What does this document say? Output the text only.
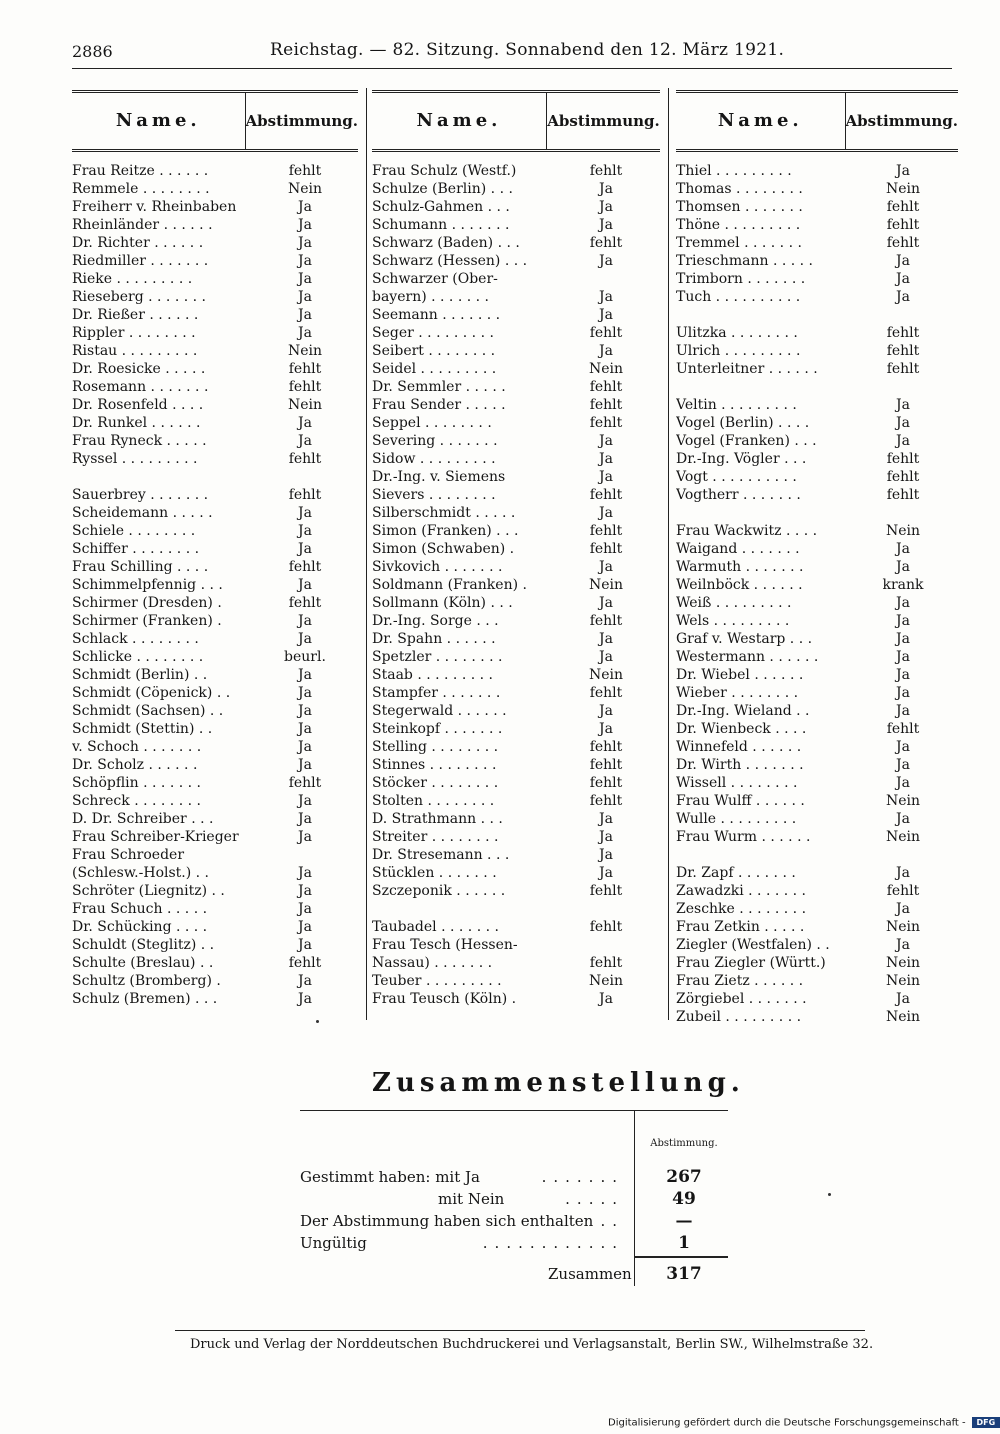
2886	Reichstag. — 82. Sitzung. Sonnabend den 12. März 1921.
Name.	Abstimmung.
Frau Reitze . . . . . .	fehlt
Remmele . . . . . . . .	Nein
Freiherr v. Rheinbaben	Ja
Rheinländer . . . . . .	Ja
Dr. Richter . . . . . .	Ja
Riedmiller . . . . . . .	Ja
Rieke . . . . . . . . .	Ja
Rieseberg . . . . . . .	Ja
Dr. Rießer . . . . . .	Ja
Rippler . . . . . . . .	Ja
Ristau . . . . . . . . .	Nein
Dr. Roesicke . . . . .	fehlt
Rosemann . . . . . . .	fehlt
Dr. Rosenfeld . . . .	Nein
Dr. Runkel . . . . . .	Ja
Frau Ryneck . . . . .	Ja
Ryssel . . . . . . . . .	fehlt
Sauerbrey . . . . . . .	fehlt
Scheidemann . . . . .	Ja
Schiele . . . . . . . .	Ja
Schiffer . . . . . . . .	Ja
Frau Schilling . . . .	fehlt
Schimmelpfennig . . .	Ja
Schirmer (Dresden) .	fehlt
Schirmer (Franken) .	Ja
Schlack . . . . . . . .	Ja
Schlicke . . . . . . . .	beurl.
Schmidt (Berlin) . .	Ja
Schmidt (Cöpenick) . .	Ja
Schmidt (Sachsen) . .	Ja
Schmidt (Stettin) . .	Ja
v. Schoch . . . . . . .	Ja
Dr. Scholz . . . . . .	Ja
Schöpflin . . . . . . .	fehlt
Schreck . . . . . . . .	Ja
D. Dr. Schreiber . . .	Ja
Frau Schreiber-Krieger	Ja
Frau Schroeder
(Schlesw.-Holst.) . .	Ja
Schröter (Liegnitz) . .	Ja
Frau Schuch . . . . .	Ja
Dr. Schücking . . . .	Ja
Schuldt (Steglitz) . .	Ja
Schulte (Breslau) . .	fehlt
Schultz (Bromberg) .	Ja
Schulz (Bremen) . . .	Ja
Name.	Abstimmung.
Frau Schulz (Westf.)	fehlt
Schulze (Berlin) . . .	Ja
Schulz-Gahmen . . .	Ja
Schumann . . . . . . .	Ja
Schwarz (Baden) . . .	fehlt
Schwarz (Hessen) . . .	Ja
Schwarzer (Ober-
bayern) . . . . . . .	Ja
Seemann . . . . . . .	Ja
Seger . . . . . . . . .	fehlt
Seibert . . . . . . . .	Ja
Seidel . . . . . . . . .	Nein
Dr. Semmler . . . . .	fehlt
Frau Sender . . . . .	fehlt
Seppel . . . . . . . .	fehlt
Severing . . . . . . .	Ja
Sidow . . . . . . . . .	Ja
Dr.-Ing. v. Siemens	Ja
Sievers . . . . . . . .	fehlt
Silberschmidt . . . . .	Ja
Simon (Franken) . . .	fehlt
Simon (Schwaben) .	fehlt
Sivkovich . . . . . . .	Ja
Soldmann (Franken) .	Nein
Sollmann (Köln) . . .	Ja
Dr.-Ing. Sorge . . .	fehlt
Dr. Spahn . . . . . .	Ja
Spetzler . . . . . . . .	Ja
Staab . . . . . . . . .	Nein
Stampfer . . . . . . .	fehlt
Stegerwald . . . . . .	Ja
Steinkopf . . . . . . .	Ja
Stelling . . . . . . . .	fehlt
Stinnes . . . . . . . .	fehlt
Stöcker . . . . . . . .	fehlt
Stolten . . . . . . . .	fehlt
D. Strathmann . . .	Ja
Streiter . . . . . . . .	Ja
Dr. Stresemann . . .	Ja
Stücklen . . . . . . .	Ja
Szczeponik . . . . . .	fehlt
Taubadel . . . . . . .	fehlt
Frau Tesch (Hessen-
Nassau) . . . . . . .	fehlt
Teuber . . . . . . . . .	Nein
Frau Teusch (Köln) .	Ja
Name.	Abstimmung.
Thiel . . . . . . . . .	Ja
Thomas . . . . . . . .	Nein
Thomsen . . . . . . .	fehlt
Thöne . . . . . . . . .	fehlt
Tremmel . . . . . . .	fehlt
Trieschmann . . . . .	Ja
Trimborn . . . . . . .	Ja
Tuch . . . . . . . . . .	Ja
Ulitzka . . . . . . . .	fehlt
Ulrich . . . . . . . . .	fehlt
Unterleitner . . . . . .	fehlt
Veltin . . . . . . . . .	Ja
Vogel (Berlin) . . . .	Ja
Vogel (Franken) . . .	Ja
Dr.-Ing. Vögler . . .	fehlt
Vogt . . . . . . . . . .	fehlt
Vogtherr . . . . . . .	fehlt
Frau Wackwitz . . . .	Nein
Waigand . . . . . . .	Ja
Warmuth . . . . . . .	Ja
Weilnböck . . . . . .	krank
Weiß . . . . . . . . .	Ja
Wels . . . . . . . . .	Ja
Graf v. Westarp . . .	Ja
Westermann . . . . . .	Ja
Dr. Wiebel . . . . . .	Ja
Wieber . . . . . . . .	Ja
Dr.-Ing. Wieland . .	Ja
Dr. Wienbeck . . . .	fehlt
Winnefeld . . . . . .	Ja
Dr. Wirth . . . . . . .	Ja
Wissell . . . . . . . .	Ja
Frau Wulff . . . . . .	Nein
Wulle . . . . . . . . .	Ja
Frau Wurm . . . . . .	Nein
Dr. Zapf . . . . . . .	Ja
Zawadzki . . . . . . .	fehlt
Zeschke . . . . . . . .	Ja
Frau Zetkin . . . . .	Nein
Ziegler (Westfalen) . .	Ja
Frau Ziegler (Württ.)	Nein
Frau Zietz . . . . . .	Nein
Zörgiebel . . . . . . .	Ja
Zubeil . . . . . . . . .	Nein
Zusammenstellung.
Abstimmung.
Gestimmt haben: mit Ja	.......	267
mit Nein	.....	49
Der Abstimmung haben sich enthalten ..	—
Ungültig	............	1
Zusammen	317
Druck und Verlag der Norddeutschen Buchdruckerei und Verlagsanstalt, Berlin SW., Wilhelmstraße 32.
Digitalisierung gefördert durch die Deutsche Forschungsgemeinschaft - DFG
